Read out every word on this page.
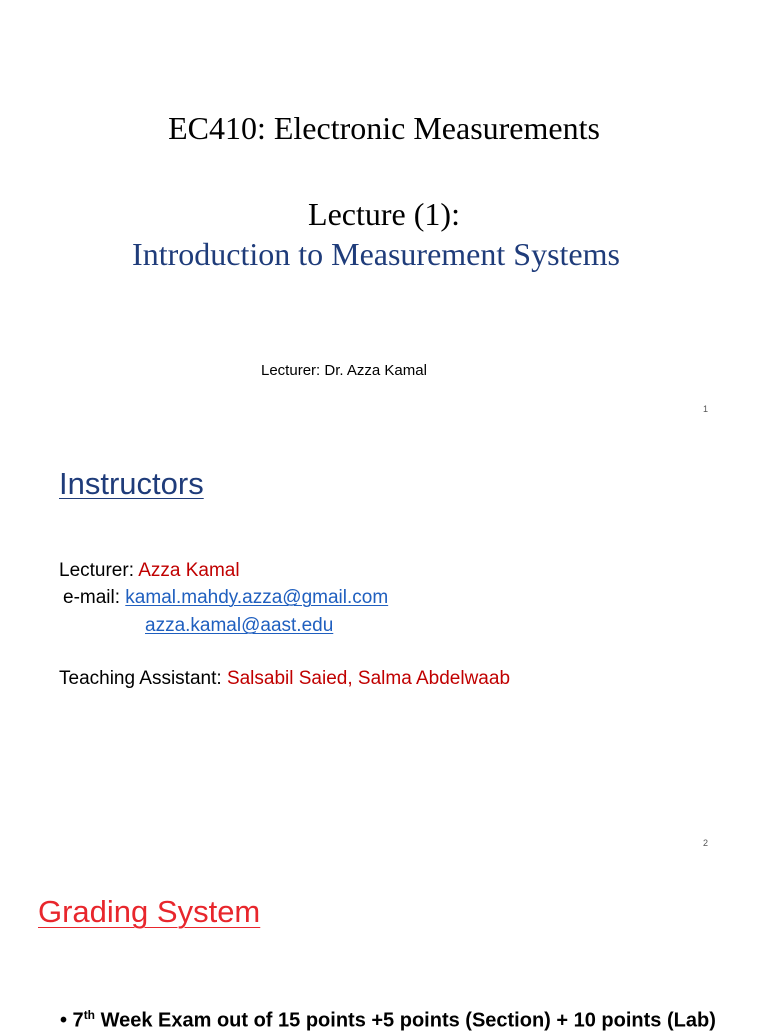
EC410: Electronic Measurements
Lecture (1):
Introduction to Measurement Systems
Lecturer: Dr. Azza Kamal
1
Instructors
Lecturer: Azza Kamal
e-mail: kamal.mahdy.azza@gmail.com
azza.kamal@aast.edu
Teaching Assistant: Salsabil Saied, Salma Abdelwaab
2
Grading System
• 7th Week Exam out of 15 points +5 points (Section) + 10 points (Lab)
